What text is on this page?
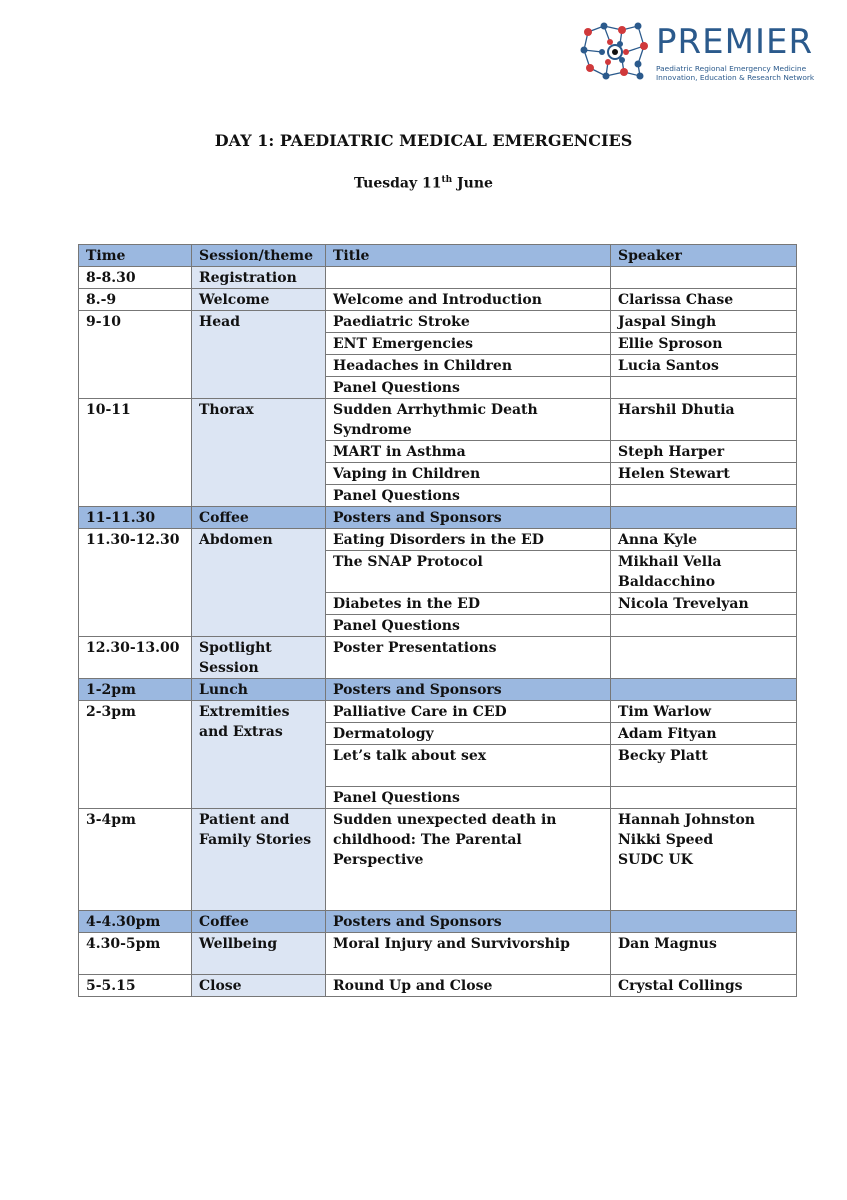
PREMIER
Paediatric Regional Emergency Medicine
Innovation, Education & Research Network
DAY 1: PAEDIATRIC MEDICAL EMERGENCIES
Tuesday 11th June
Time	Session/theme	Title	Speaker
8-8.30	Registration		
8.-9	Welcome	Welcome and Introduction	Clarissa Chase
9-10	Head	Paediatric Stroke	Jaspal Singh
		ENT Emergencies	Ellie Sproson
		Headaches in Children	Lucia Santos
		Panel Questions	
10-11	Thorax	Sudden Arrhythmic Death Syndrome	Harshil Dhutia
		MART in Asthma	Steph Harper
		Vaping in Children	Helen Stewart
		Panel Questions	
11-11.30	Coffee	Posters and Sponsors	
11.30-12.30	Abdomen	Eating Disorders in the ED	Anna Kyle
		The SNAP Protocol	Mikhail Vella Baldacchino
		Diabetes in the ED	Nicola Trevelyan
		Panel Questions	
12.30-13.00	Spotlight Session	Poster Presentations	
1-2pm	Lunch	Posters and Sponsors	
2-3pm	Extremities and Extras	Palliative Care in CED	Tim Warlow
		Dermatology	Adam Fityan
		Let’s talk about sex	Becky Platt
		Panel Questions	
3-4pm	Patient and Family Stories	Sudden unexpected death in childhood: The Parental Perspective	Hannah Johnston
Nikki Speed
SUDC UK

4-4.30pm	Coffee	Posters and Sponsors	
4.30-5pm	Wellbeing	Moral Injury and Survivorship	Dan Magnus
5-5.15	Close	Round Up and Close	Crystal Collings
